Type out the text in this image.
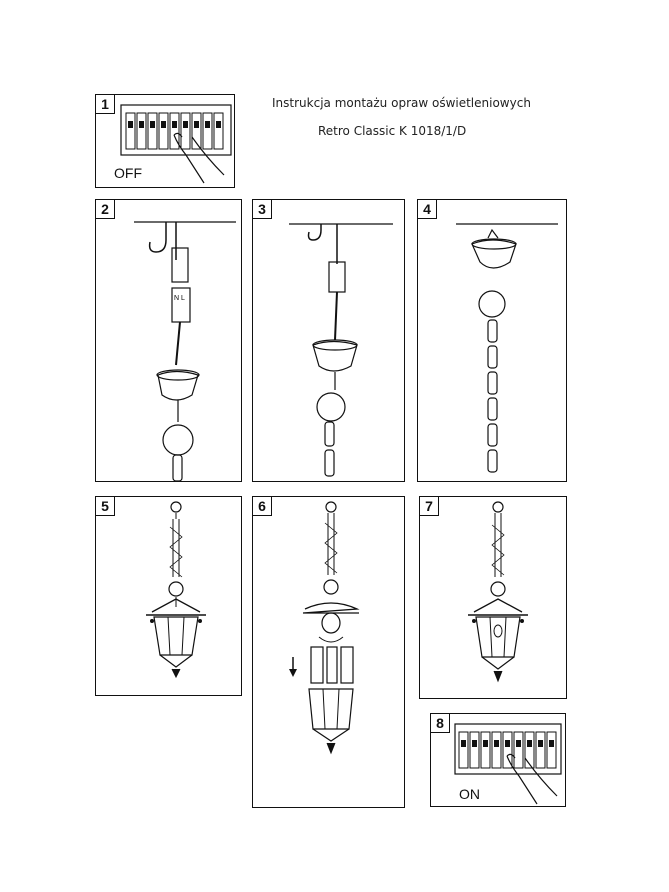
Instrukcja montażu opraw oświetleniowych
Retro Classic K 1018/1/D
1
OFF
2
N L
3	4
5	6	7
8
ON
